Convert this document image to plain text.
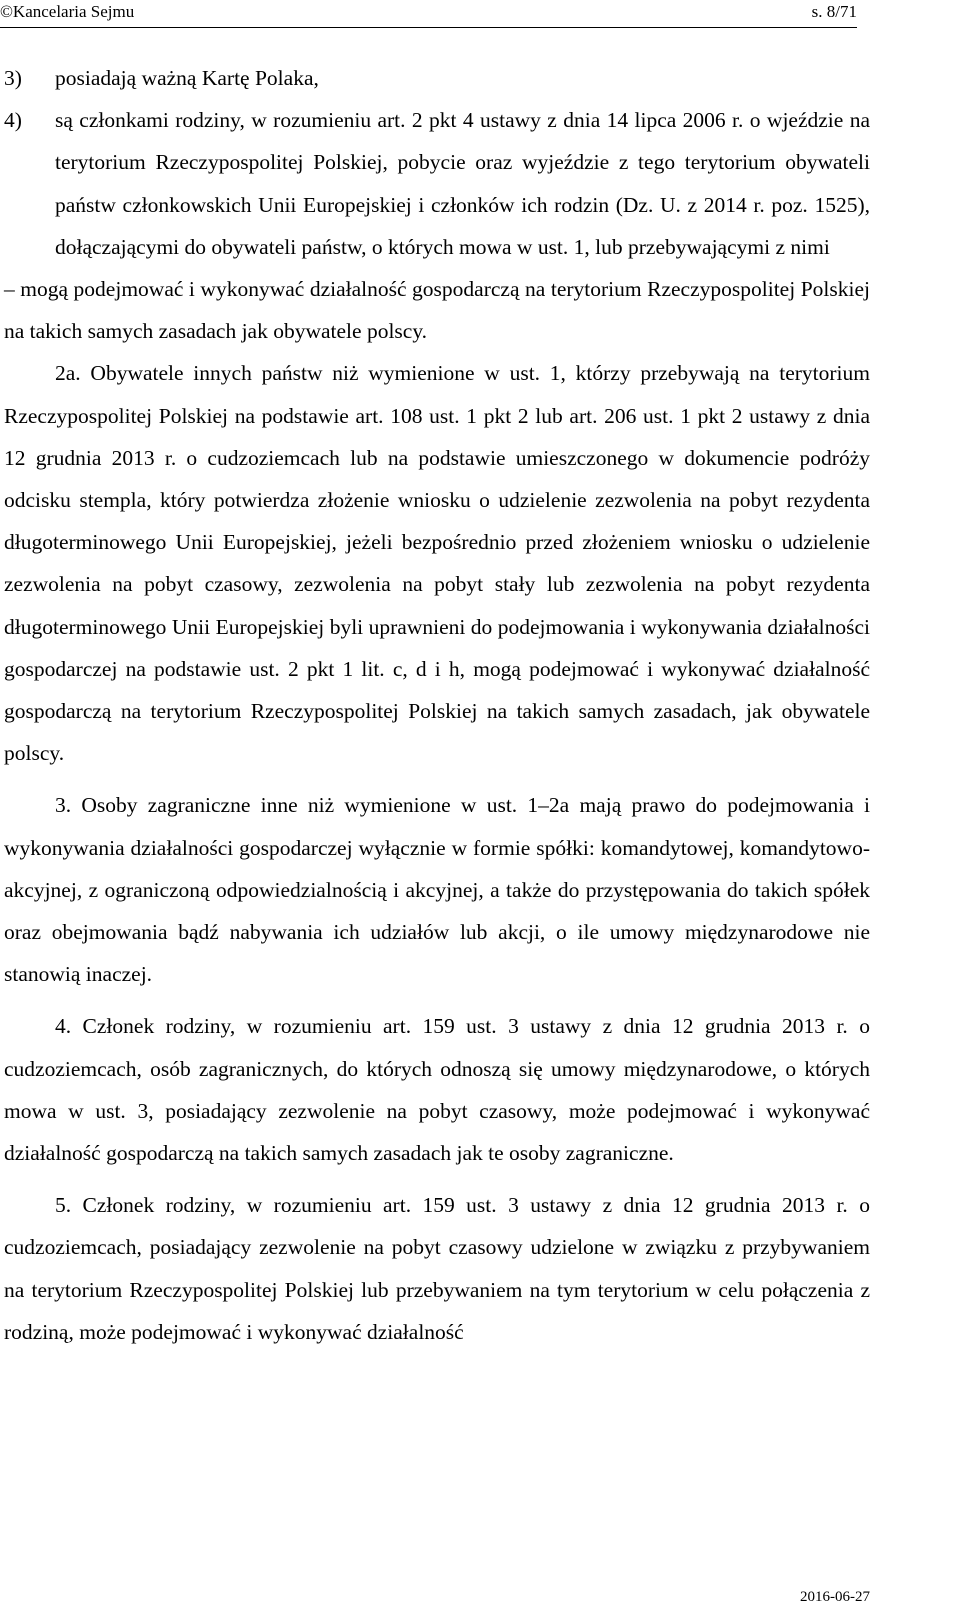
©Kancelaria Sejmu	s. 8/71
3)	posiadają ważną Kartę Polaka,

4)	są członkami rodziny, w rozumieniu art. 2 pkt 4 ustawy z dnia 14 lipca 2006 r. o wjeździe na terytorium Rzeczypospolitej Polskiej, pobycie oraz wyjeździe z tego terytorium obywateli państw członkowskich Unii Europejskiej i członków ich rodzin (Dz. U. z 2014 r. poz. 1525), dołączającymi do obywateli państw, o których mowa w ust. 1, lub przebywającymi z nimi

– mogą podejmować i wykonywać działalność gospodarczą na terytorium Rzeczypospolitej Polskiej na takich samych zasadach jak obywatele polscy.

2a. Obywatele innych państw niż wymienione w ust. 1, którzy przebywają na terytorium Rzeczypospolitej Polskiej na podstawie art. 108 ust. 1 pkt 2 lub art. 206 ust. 1 pkt 2 ustawy z dnia 12 grudnia 2013 r. o cudzoziemcach lub na podstawie umieszczonego w dokumencie podróży odcisku stempla, który potwierdza złożenie wniosku o udzielenie zezwolenia na pobyt rezydenta długoterminowego Unii Europejskiej, jeżeli bezpośrednio przed złożeniem wniosku o udzielenie zezwolenia na pobyt czasowy, zezwolenia na pobyt stały lub zezwolenia na pobyt rezydenta długoterminowego Unii Europejskiej byli uprawnieni do podejmowania i wykonywania działalności gospodarczej na podstawie ust. 2 pkt 1 lit. c, d i h, mogą podejmować i wykonywać działalność gospodarczą na terytorium Rzeczypospolitej Polskiej na takich samych zasadach, jak obywatele polscy.

3. Osoby zagraniczne inne niż wymienione w ust. 1–2a mają prawo do podejmowania i wykonywania działalności gospodarczej wyłącznie w formie spółki: komandytowej, komandytowo-akcyjnej, z ograniczoną odpowiedzialnością i akcyjnej, a także do przystępowania do takich spółek oraz obejmowania bądź nabywania ich udziałów lub akcji, o ile umowy międzynarodowe nie stanowią inaczej.

4. Członek rodziny, w rozumieniu art. 159 ust. 3 ustawy z dnia 12 grudnia 2013 r. o cudzoziemcach, osób zagranicznych, do których odnoszą się umowy międzynarodowe, o których mowa w ust. 3, posiadający zezwolenie na pobyt czasowy, może podejmować i wykonywać działalność gospodarczą na takich samych zasadach jak te osoby zagraniczne.

5. Członek rodziny, w rozumieniu art. 159 ust. 3 ustawy z dnia 12 grudnia 2013 r. o cudzoziemcach, posiadający zezwolenie na pobyt czasowy udzielone w związku z przybywaniem na terytorium Rzeczypospolitej Polskiej lub przebywaniem na tym terytorium w celu połączenia z rodziną, może podejmować i wykonywać działalność

2016-06-27
